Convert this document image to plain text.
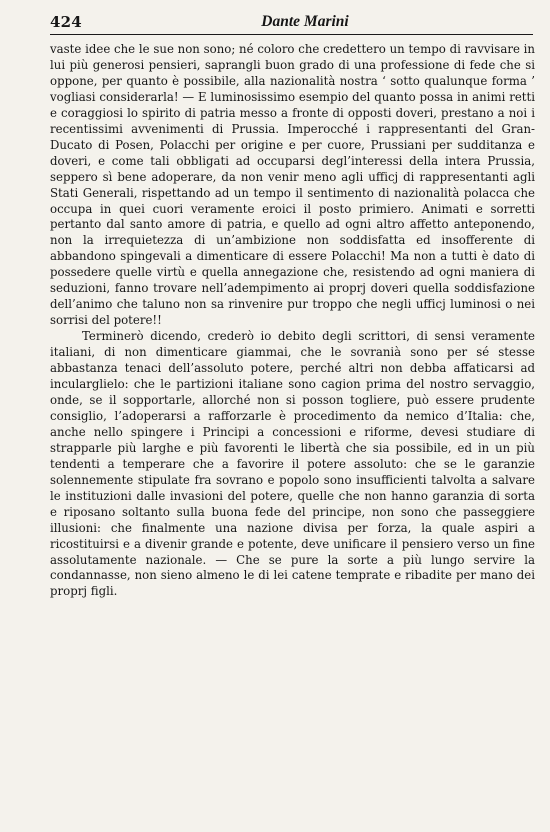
424	Dante Marini

vaste idee che le sue non sono; né coloro che credettero un tempo di ravvisare in lui più generosi pensieri, saprangli buon grado di una professione di fede che si oppone, per quanto è possibile, alla nazionalità nostra ‘ sotto qualunque forma ’ vogliasi considerarla! — E luminosissimo esempio del quanto possa in animi retti e coraggiosi lo spirito di patria messo a fronte di opposti doveri, prestano a noi i recentissimi avvenimenti di Prussia. Imperocché i rappresentanti del Gran-Ducato di Posen, Polacchi per origine e per cuore, Prussiani per sudditanza e doveri, e come tali obbligati ad occuparsi degl’interessi della intera Prussia, seppero sì bene adoperare, da non venir meno agli ufficj di rappresentanti agli Stati Generali, rispettando ad un tempo il sentimento di nazionalità polacca che occupa in quei cuori veramente eroici il posto primiero. Animati e sorretti pertanto dal santo amore di patria, e quello ad ogni altro affetto anteponendo, non la irrequietezza di un’ambizione non soddisfatta ed insofferente di abbandono spingevali a dimenticare di essere Polacchi! Ma non a tutti è dato di possedere quelle virtù e quella annegazione che, resistendo ad ogni maniera di seduzioni, fanno trovare nell’adempimento ai proprj doveri quella soddisfazione dell’animo che taluno non sa rinvenire pur troppo che negli ufficj luminosi o nei sorrisi del potere!!

Terminerò dicendo, crederò io debito degli scrittori, di sensi veramente italiani, di non dimenticare giammai, che le sovranià sono per sé stesse abbastanza tenaci dell’assoluto potere, perché altri non debba affaticarsi ad incularglielo: che le partizioni italiane sono cagion prima del nostro servaggio, onde, se il sopportarle, allorché non si posson togliere, può essere prudente consiglio, l’adoperarsi a rafforzarle è procedimento da nemico d’Italia: che, anche nello spingere i Principi a concessioni e riforme, devesi studiare di strapparle più larghe e più favorenti le libertà che sia possibile, ed in un più tendenti a temperare che a favorire il potere assoluto: che se le garanzie solennemente stipulate fra sovrano e popolo sono insufficienti talvolta a salvare le instituzioni dalle invasioni del potere, quelle che non hanno garanzia di sorta e riposano soltanto sulla buona fede del principe, non sono che passeggiere illusioni: che finalmente una nazione divisa per forza, la quale aspiri a ricostituirsi e a divenir grande e potente, deve unificare il pensiero verso un fine assolutamente nazionale. — Che se pure la sorte a più lungo servire la condannasse, non sieno almeno le di lei catene temprate e ribadite per mano dei proprj figli.
